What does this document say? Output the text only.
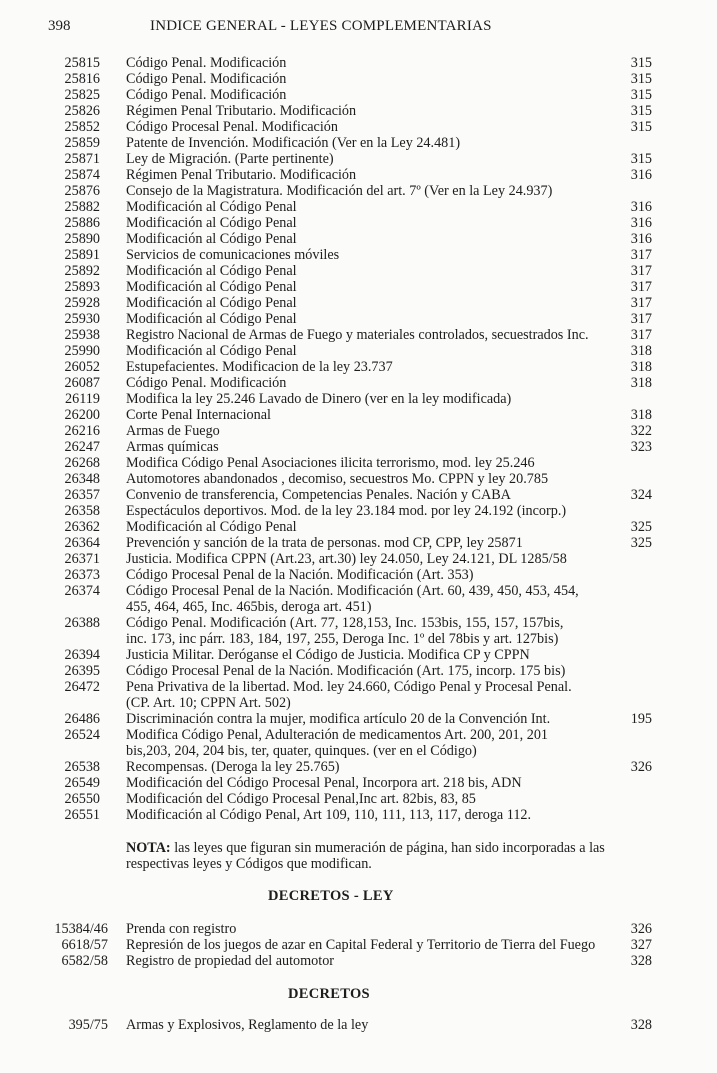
398	INDICE GENERAL - LEYES COMPLEMENTARIAS
25815 Código Penal. Modificación	315
25816 Código Penal. Modificación	315
25825 Código Penal. Modificación	315
25826 Régimen Penal Tributario. Modificación	315
25852 Código Procesal Penal. Modificación	315
25859 Patente de Invención. Modificación (Ver en la Ley 24.481)
25871 Ley de Migración. (Parte pertinente)	315
25874 Régimen Penal Tributario. Modificación	316
25876 Consejo de la Magistratura. Modificación del art. 7º (Ver en la Ley 24.937)
25882 Modificación al Código Penal	316
25886 Modificación al Código Penal	316
25890 Modificación al Código Penal	316
25891 Servicios de comunicaciones móviles	317
25892 Modificación al Código Penal	317
25893 Modificación al Código Penal	317
25928 Modificación al Código Penal	317
25930 Modificación al Código Penal	317
25938 Registro Nacional de Armas de Fuego y materiales controlados, secuestrados Inc.	317
25990 Modificación al Código Penal	318
26052 Estupefacientes. Modificacion de la ley 23.737	318
26087 Código Penal. Modificación	318
26119 Modifica la ley 25.246 Lavado de Dinero (ver en la ley modificada)
26200 Corte Penal Internacional	318
26216 Armas de Fuego	322
26247 Armas químicas	323
26268 Modifica Código Penal Asociaciones ilicita terrorismo, mod. ley 25.246
26348 Automotores abandonados , decomiso, secuestros Mo. CPPN y ley 20.785
26357 Convenio de transferencia, Competencias Penales. Nación y CABA	324
26358 Espectáculos deportivos. Mod. de la ley 23.184 mod. por ley 24.192 (incorp.)
26362 Modificación al Código Penal	325
26364 Prevención y sanción de la trata de personas. mod CP, CPP, ley 25871	325
26371 Justicia. Modifica CPPN (Art.23, art.30) ley 24.050, Ley 24.121, DL 1285/58
26373 Código Procesal Penal de la Nación. Modificación (Art. 353)
26374 Código Procesal Penal de la Nación. Modificación (Art. 60, 439, 450, 453, 454,
455, 464, 465, Inc. 465bis, deroga art. 451)
26388 Código Penal. Modificación (Art. 77, 128,153, Inc. 153bis, 155, 157, 157bis,
inc. 173, inc párr. 183, 184, 197, 255, Deroga Inc. 1º del 78bis y art. 127bis)
26394 Justicia Militar. Deróganse el Código de Justicia. Modifica CP y CPPN
26395 Código Procesal Penal de la Nación. Modificación (Art. 175, incorp. 175 bis)
26472 Pena Privativa de la libertad. Mod. ley 24.660, Código Penal y Procesal Penal.
(CP. Art. 10; CPPN Art. 502)
26486 Discriminación contra la mujer, modifica artículo 20 de la Convención Int.	195
26524 Modifica Código Penal, Adulteración de medicamentos Art. 200, 201, 201
bis,203, 204, 204 bis, ter, quater, quinques. (ver en el Código)
26538 Recompensas. (Deroga la ley 25.765)	326
26549 Modificación del Código Procesal Penal, Incorpora art. 218 bis, ADN
26550 Modificación del Código Procesal Penal,Inc art. 82bis, 83, 85
26551 Modificación al Código Penal, Art 109, 110, 111, 113, 117, deroga 112.
NOTA: las leyes que figuran sin mumeración de página, han sido incorporadas a las respectivas leyes y Códigos que modifican.
DECRETOS - LEY
15384/46 Prenda con registro	326
6618/57 Represión de los juegos de azar en Capital Federal y Territorio de Tierra del Fuego	327
6582/58 Registro de propiedad del automotor	328
DECRETOS
395/75 Armas y Explosivos, Reglamento de la ley	328
